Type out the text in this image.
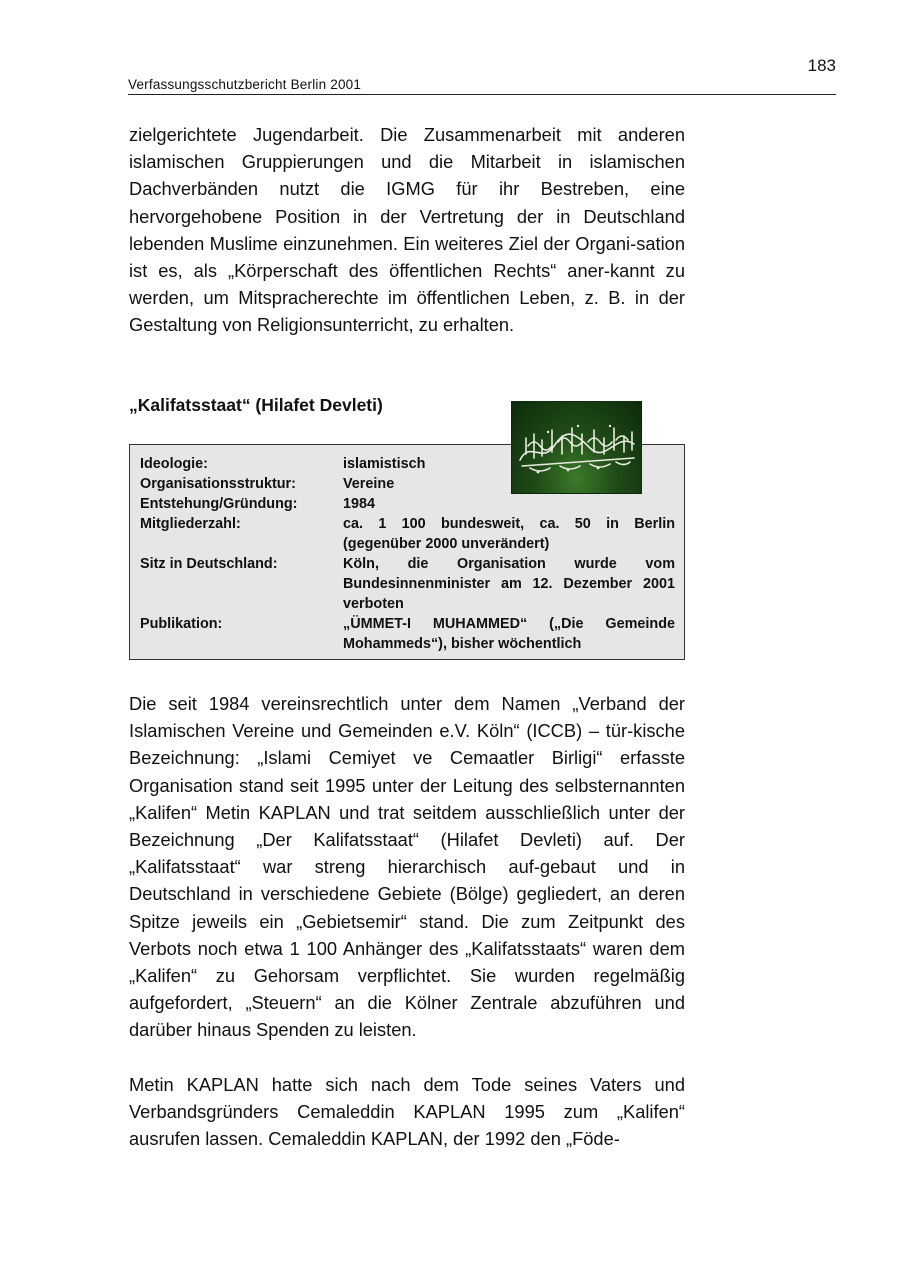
183
Verfassungsschutzbericht Berlin 2001

zielgerichtete Jugendarbeit. Die Zusammenarbeit mit anderen islamischen Gruppierungen und die Mitarbeit in islamischen Dachverbänden nutzt die IGMG für ihr Bestreben, eine hervorgehobene Position in der Vertretung der in Deutschland lebenden Muslime einzunehmen. Ein weiteres Ziel der Organi-sation ist es, als „Körperschaft des öffentlichen Rechts“ aner-kannt zu werden, um Mitspracherechte im öffentlichen Leben, z. B. in der Gestaltung von Religionsunterricht, zu erhalten.

„Kalifatsstaat“ (Hilafet Devleti)
Ideologie:	islamistisch
Organisationsstruktur:	Vereine
Entstehung/Gründung:	1984
Mitgliederzahl:	ca. 1 100 bundesweit, ca. 50 in Berlin (gegenüber 2000 unverändert)
Sitz in Deutschland:	Köln, die Organisation wurde vom Bundesinnenminister am 12. Dezember 2001 verboten
Publikation:	„ÜMMET-I MUHAMMED“ („Die Gemeinde Mohammeds“), bisher wöchentlich

Die seit 1984 vereinsrechtlich unter dem Namen „Verband der Islamischen Vereine und Gemeinden e.V. Köln“ (ICCB) – tür-kische Bezeichnung: „Islami Cemiyet ve Cemaatler Birligi“ erfasste Organisation stand seit 1995 unter der Leitung des selbsternannten „Kalifen“ Metin KAPLAN und trat seitdem ausschließlich unter der Bezeichnung „Der Kalifatsstaat“ (Hilafet Devleti) auf. Der „Kalifatsstaat“ war streng hierarchisch auf-gebaut und in Deutschland in verschiedene Gebiete (Bölge) gegliedert, an deren Spitze jeweils ein „Gebietsemir“ stand. Die zum Zeitpunkt des Verbots noch etwa 1 100 Anhänger des „Kalifatsstaats“ waren dem „Kalifen“ zu Gehorsam verpflichtet. Sie wurden regelmäßig aufgefordert, „Steuern“ an die Kölner Zentrale abzuführen und darüber hinaus Spenden zu leisten.

Metin KAPLAN hatte sich nach dem Tode seines Vaters und Verbandsgründers Cemaleddin KAPLAN 1995 zum „Kalifen“ ausrufen lassen. Cemaleddin KAPLAN, der 1992 den „Föde-
